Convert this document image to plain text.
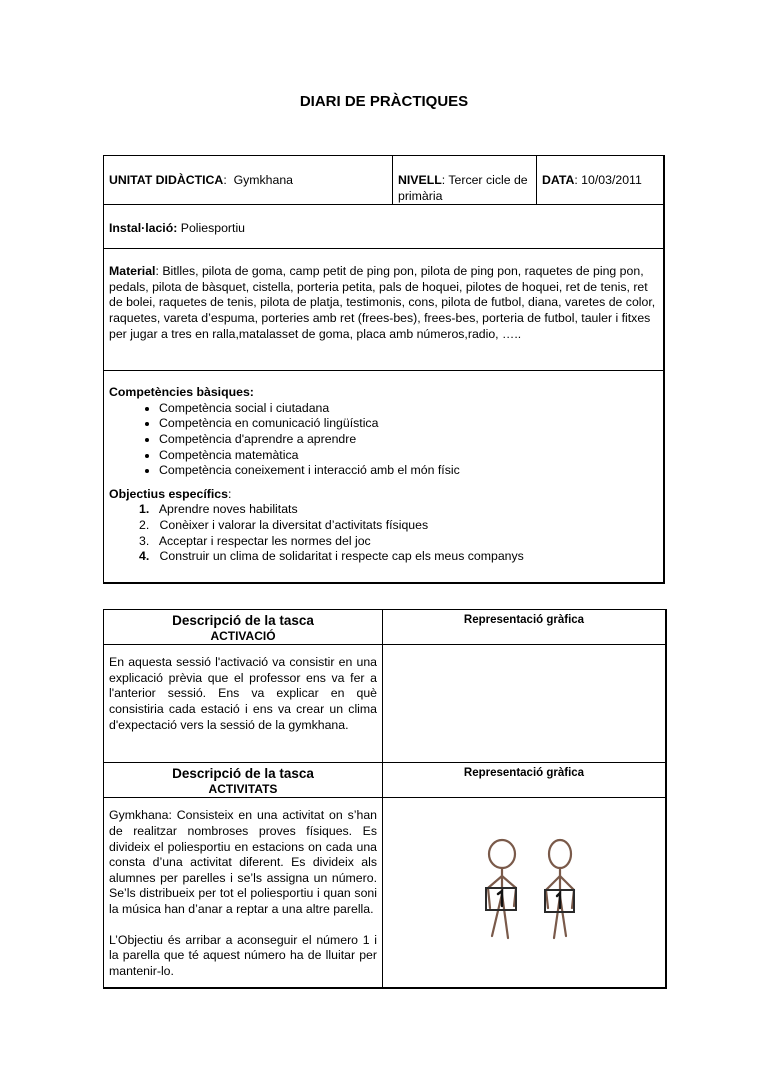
DIARI DE PRÀCTIQUES
UNITAT DIDÀCTICA:  Gymkhana	NIVELL: Tercer cicle de primària	DATA: 10/03/2011
Instal·lació: Poliesportiu
Material: Bitlles, pilota de goma, camp petit de ping pon, pilota de ping pon, raquetes de ping pon, pedals, pilota de bàsquet, cistella, porteria petita, pals de hoquei, pilotes de hoquei, ret de tenis, ret de bolei, raquetes de tenis, pilota de platja, testimonis, cons, pilota de futbol, diana, varetes de color, raquetes, vareta d’espuma, porteries amb ret (frees-bes), frees-bes, porteria de futbol, tauler i fitxes per jugar a tres en ralla,matalasset de goma, placa amb números,radio, …..

Competències bàsiques:
• Competència social i ciutadana
• Competència en comunicació lingüística
• Competència d'aprendre a aprendre
• Competència matemàtica
• Competència coneixement i interacció amb el món físic
Objectius específics:
1. Aprendre noves habilitats
2.   Conèixer i valorar la diversitat d’activitats físiques
3.   Acceptar i respectar les normes del joc
4. Construir un clima de solidaritat i respecte cap els meus companys
Descripció de la tasca
ACTIVACIÓ	Representació gràfica

En aquesta sessió l'activació va consistir en una explicació prèvia que el professor ens va fer a l'anterior sessió. Ens va explicar en què consistiria cada estació i ens va crear un clima d'expectació vers la sessió de la gymkhana.	

Descripció de la tasca
ACTIVITATS	Representació gràfica

Gymkhana: Consisteix en una activitat on s’han de realitzar nombroses proves físiques. Es divideix el poliesportiu en estacions on cada una consta d’una activitat diferent. Es divideix als alumnes per parelles i se’ls assigna un número. Se’ls distribueix per tot el poliesportiu i quan soni la música han d’anar a reptar a una altre parella.
L’Objectiu és arribar a aconseguir el número 1 i la parella que té aquest número ha de lluitar per mantenir-lo.
